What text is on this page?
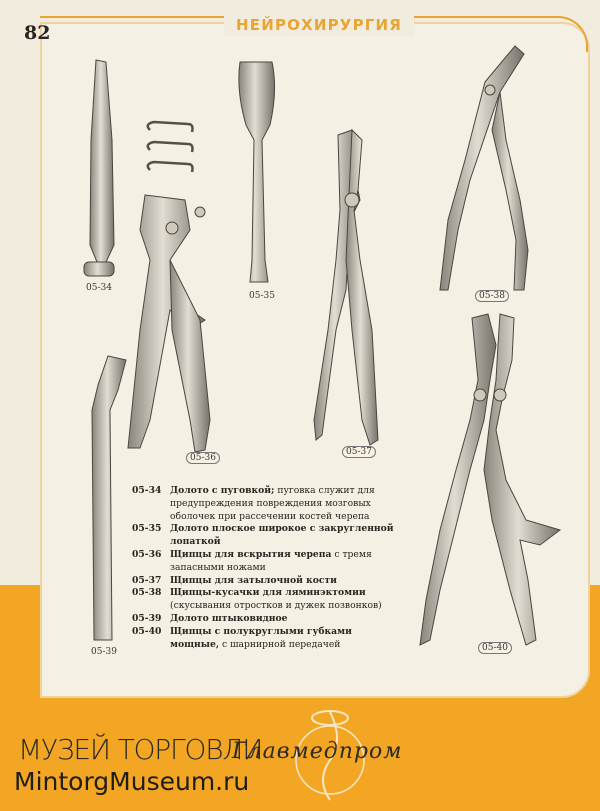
82	НЕЙРОХИРУРГИЯ
05-34
05-35
05-36
05-37
05-38
05-39	05-40
05-34 Долото с пуговкой; пуговка служит для предупреждения повреждения мозговых оболочек при рассечении костей черепа
05-35 Долото плоское широкое с закругленной лопаткой
05-36 Щипцы для вскрытия черепа с тремя запасными ножами
05-37 Щипцы для затылочной кости
05-38 Щипцы-кусачки для ляминэктомии (скусывания отростков и дужек позвонков)
05-39 Долото штыковидное
05-40 Щипцы с полукруглыми губками мощные, с шарнирной передачей
МУЗЕЙ ТОРГОВЛИ
Главмедпром
MintorgMuseum.ru
